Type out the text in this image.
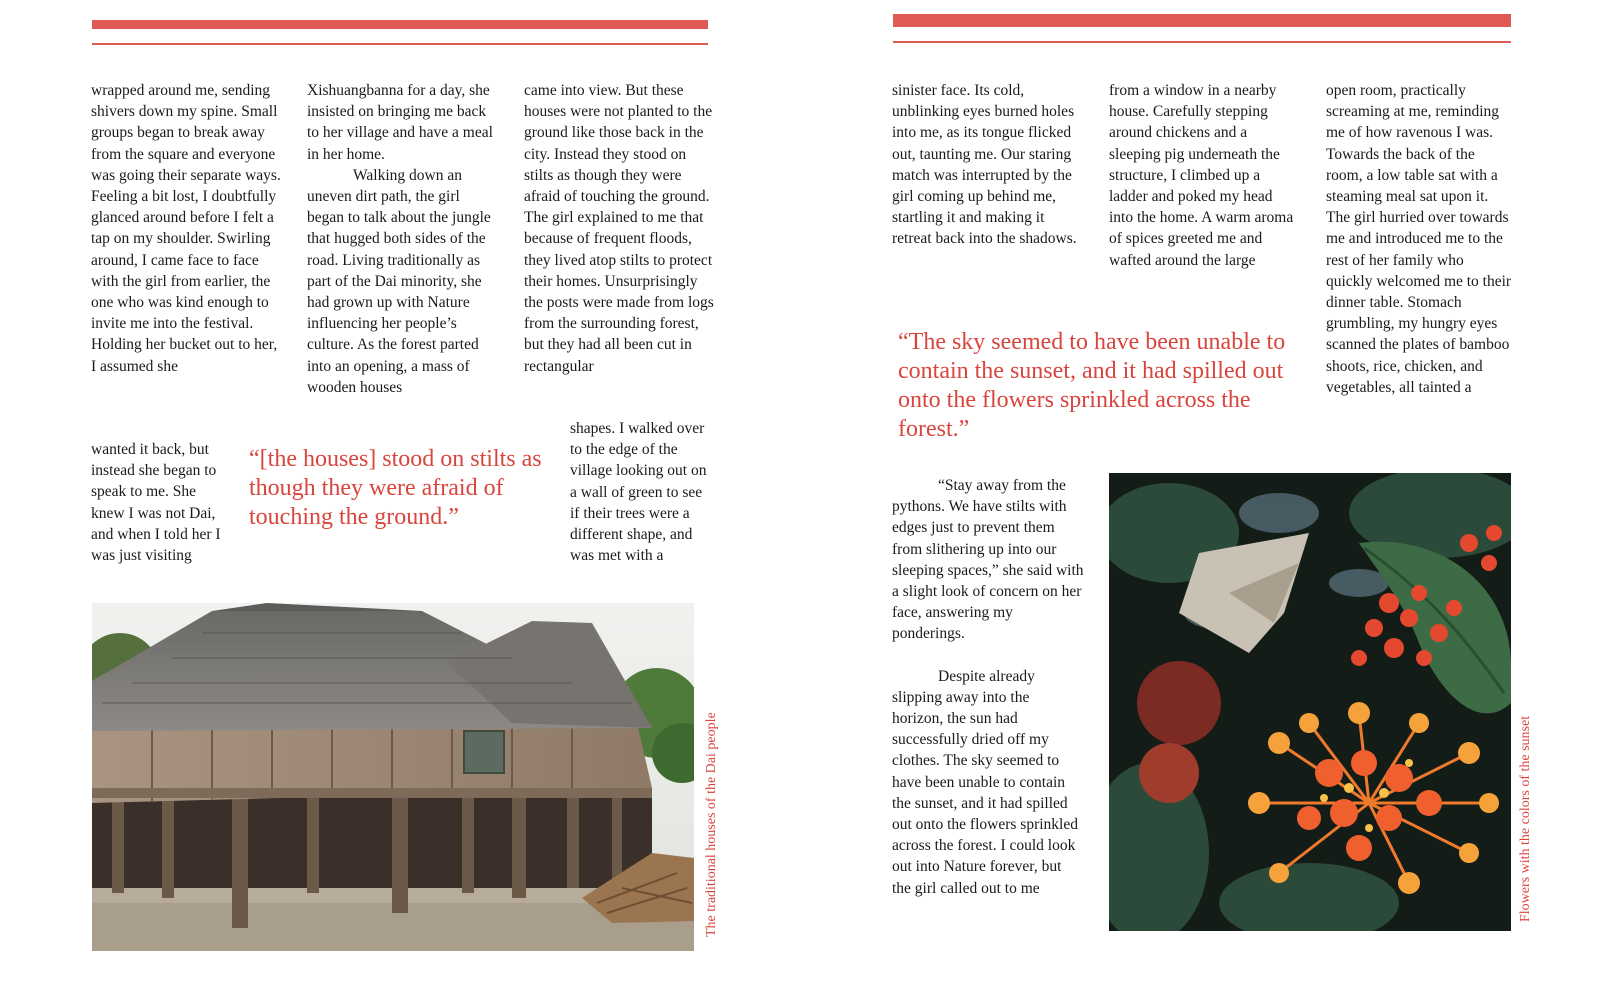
wrapped around me, sending shivers down my spine. Small groups began to break away from the square and everyone was going their separate ways. Feeling a bit lost, I doubtfully glanced around before I felt a tap on my shoulder. Swirling around, I came face to face with the girl from earlier, the one who was kind enough to invite me into the festival. Holding her bucket out to her, I assumed she

wanted it back, but instead she began to speak to me. She knew I was not Dai, and when I told her I was just visiting

Xishuangbanna for a day, she insisted on bringing me back to her village and have a meal in her home.

Walking down an uneven dirt path, the girl began to talk about the jungle that hugged both sides of the road. Living traditionally as part of the Dai minority, she had grown up with Nature influencing her people’s culture. As the forest parted into an opening, a mass of wooden houses

came into view. But these houses were not planted to the ground like those back in the city. Instead they stood on stilts as though they were afraid of touching the ground. The girl explained to me that because of frequent floods, they lived atop stilts to protect their homes. Unsurprisingly the posts were made from logs from the surrounding forest, but they had all been cut in rectangular

shapes. I walked over to the edge of the village looking out on a wall of green to see if their trees were a different shape, and was met with a

“[the houses] stood on stilts as though they were afraid of touching the ground.”

The traditional houses of the Dai people

sinister face. Its cold, unblinking eyes burned holes into me, as its tongue flicked out, taunting me. Our staring match was interrupted by the girl coming up behind me, startling it and making it retreat back into the shadows.

from a window in a nearby house. Carefully stepping around chickens and a sleeping pig underneath the structure, I climbed up a ladder and poked my head into the home. A warm aroma of spices greeted me and wafted around the large

open room, practically screaming at me, reminding me of how ravenous I was. Towards the back of the room, a low table sat with a steaming meal sat upon it. The girl hurried over towards me and introduced me to the rest of her family who quickly welcomed me to their dinner table. Stomach grumbling, my hungry eyes scanned the plates of bamboo shoots, rice, chicken, and vegetables, all tainted a

“The sky seemed to have been unable to contain the sunset, and it had spilled out onto the flowers sprinkled across the forest.”

“Stay away from the pythons. We have stilts with edges just to prevent them from slithering up into our sleeping spaces,” she said with a slight look of concern on her face, answering my ponderings.

Despite already slipping away into the horizon, the sun had successfully dried off my clothes. The sky seemed to have been unable to contain the sunset, and it had spilled out onto the flowers sprinkled across the forest. I could look out into Nature forever, but the girl called out to me	Flowers with the colors of the sunset
